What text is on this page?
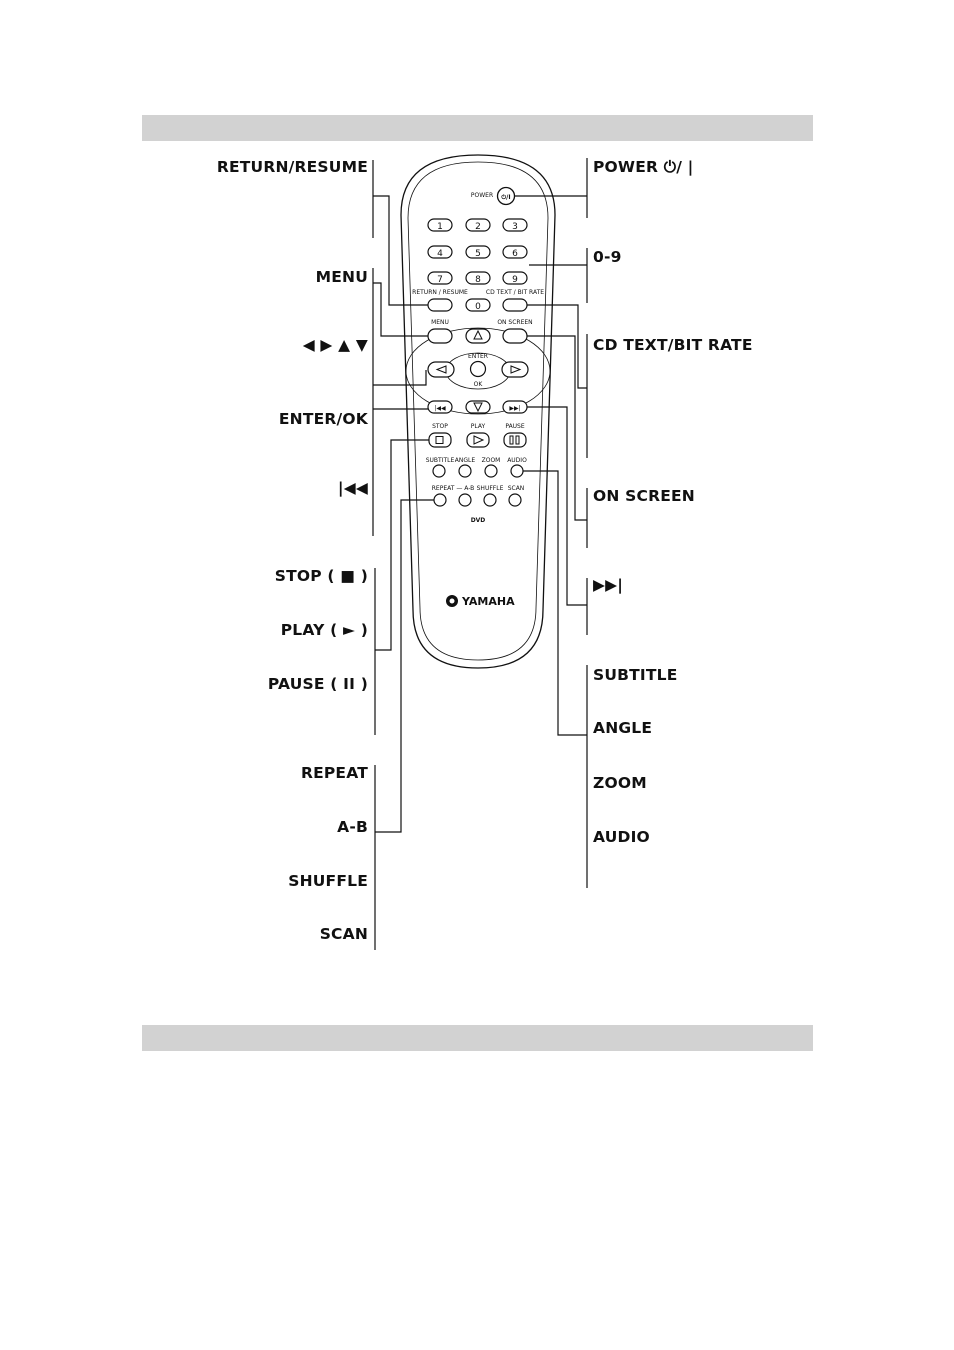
⏻/I
POWER
1	2	3
4	5	6
7	8	9
RETURN / RESUME	CD TEXT / BIT RATE
0
MENU	ON SCREEN
ENTER
OK
|◀◀	▶▶|
STOP	PLAY	PAUSE
SUBTITLE ANGLE ZOOM AUDIO
REPEAT — A-B SHUFFLE SCAN
DVD
YAMAHA
RETURN/RESUME
MENU
◀ ▶ ▲ ▼
ENTER/OK
|◀◀
STOP ( ■ )
PLAY ( ► )
PAUSE ( II )
REPEAT
A-B
SHUFFLE
SCAN
POWER ⏻/ |
0-9
CD TEXT/BIT RATE
ON SCREEN
▶▶|
SUBTITLE
ANGLE
ZOOM
AUDIO
